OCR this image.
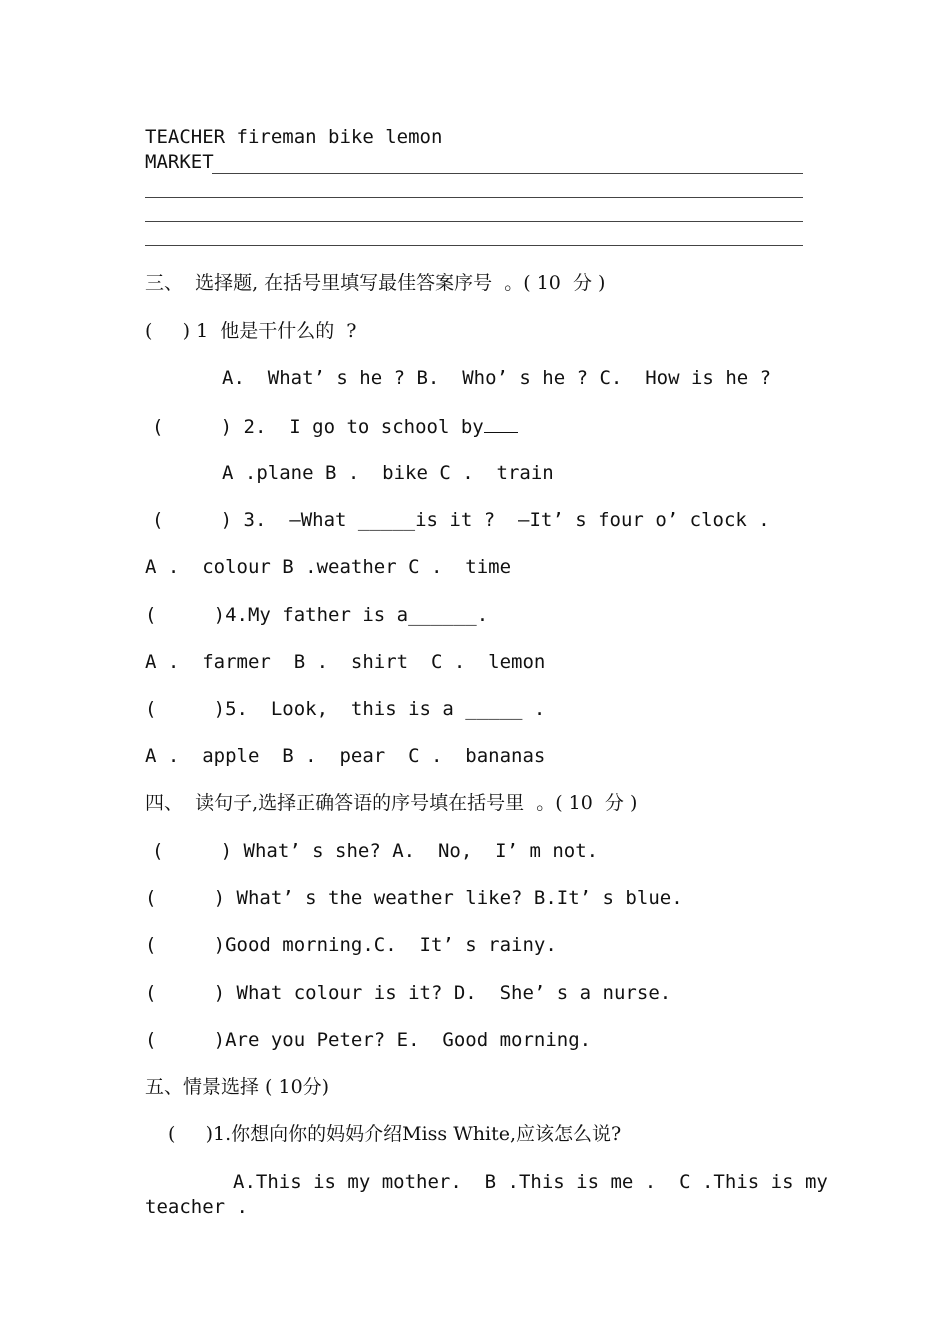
TEACHER fireman bike lemon
MARKET
三、  选择题, 在括号里填写最佳答案序号  。( 10  分 )
(     ) 1  他是干什么的  ?
A.  What’ s he ? B.  Who’ s he ? C.  How is he ?
(     ) 2.  I go to school by
A .plane B .  bike C .  train
(     ) 3.  —What _____is it ?  —It’ s four o’ clock .
A .  colour B .weather C .  time
(     )4.My father is a______.
A .  farmer  B .  shirt  C .  lemon
(     )5.  Look,  this is a _____ .
A .  apple  B .  pear  C .  bananas
四、  读句子,选择正确答语的序号填在括号里  。( 10  分 )
(     ) What’ s she? A.  No,  I’ m not.
(     ) What’ s the weather like? B.It’ s blue.
(     )Good morning.C.  It’ s rainy.
(     ) What colour is it? D.  She’ s a nurse.
(     )Are you Peter? E.  Good morning.
五、情景选择 ( 10分)
(     )1.你想向你的妈妈介绍Miss White,应该怎么说?
A.This is my mother.  B .This is me .  C .This is my
teacher .
